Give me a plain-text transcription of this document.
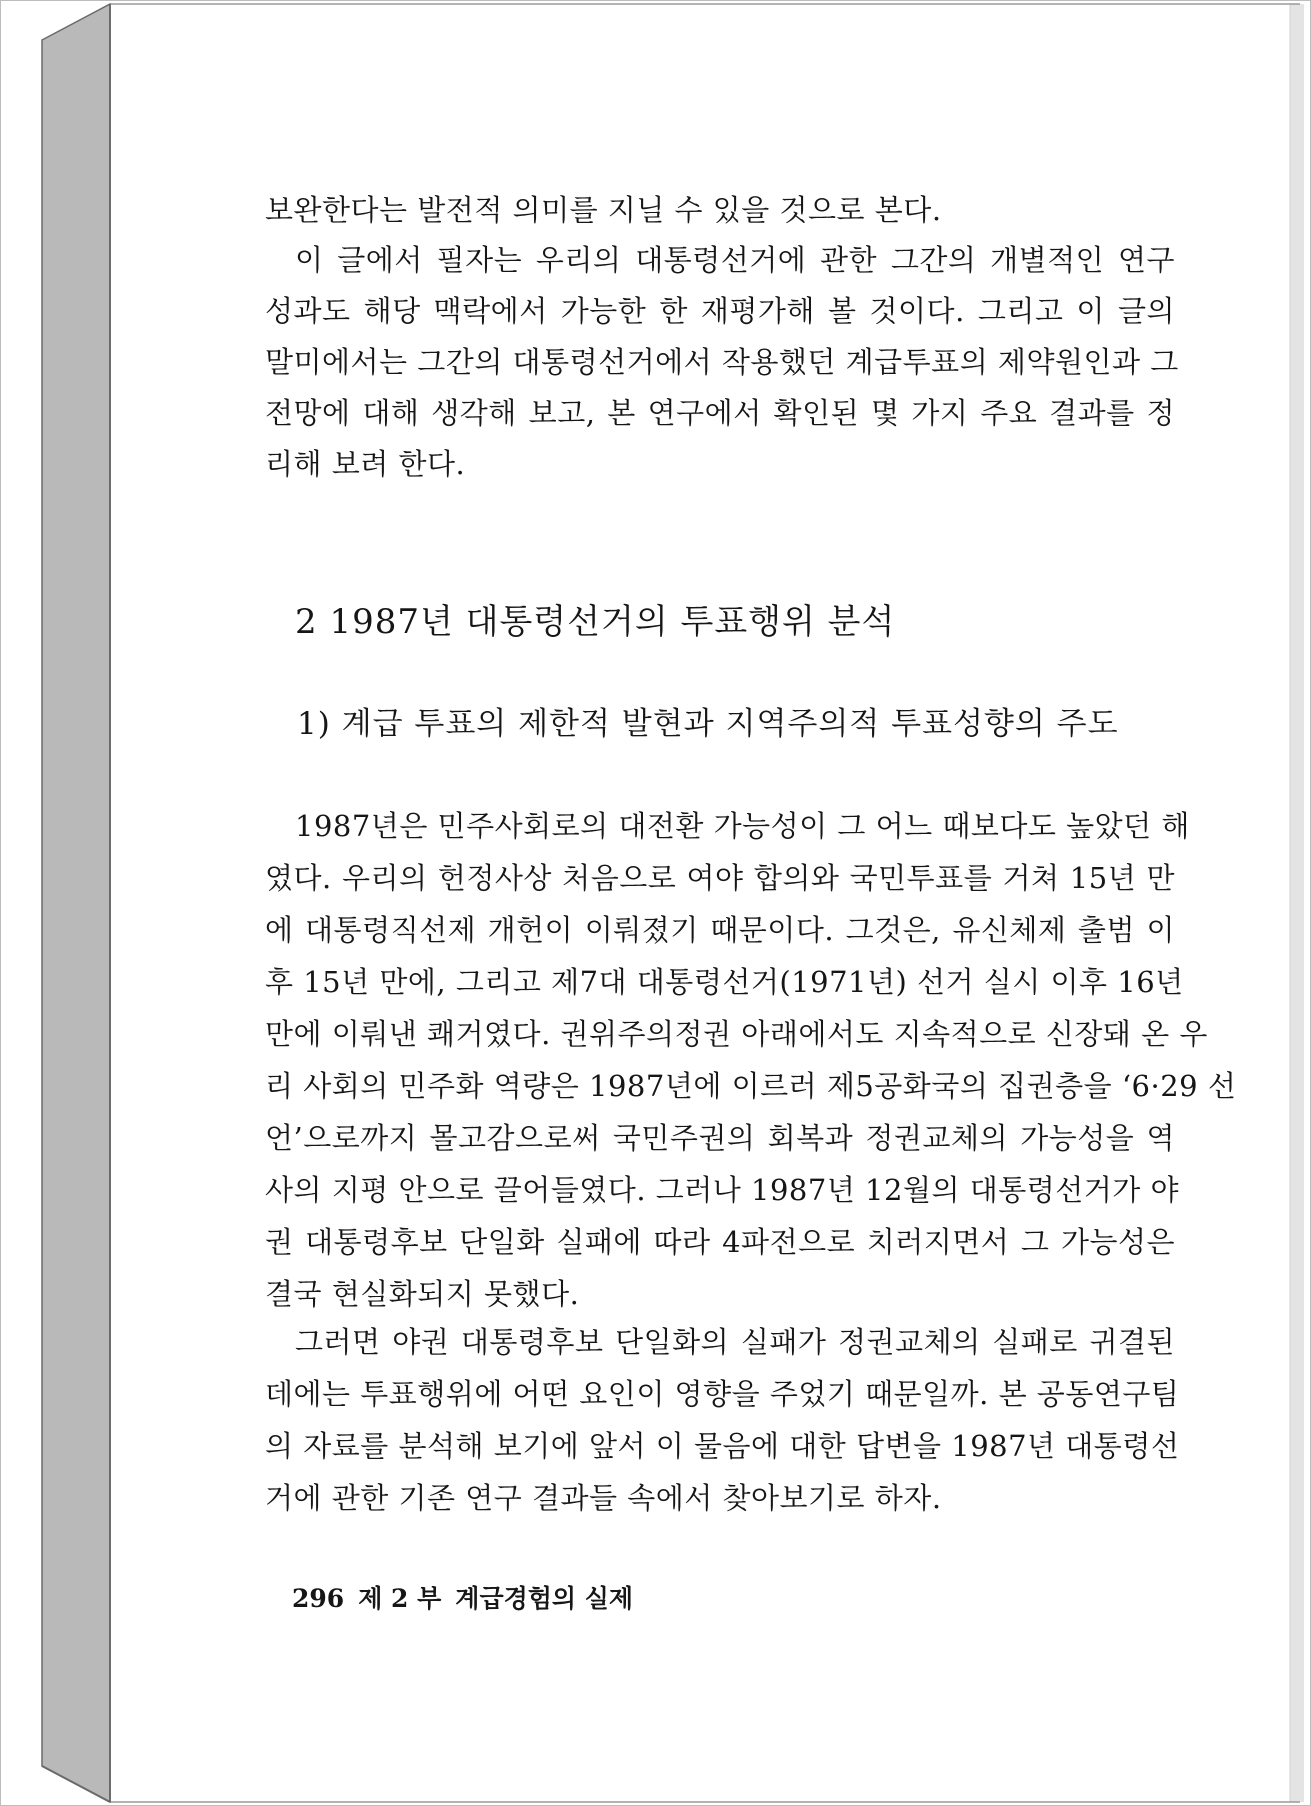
보완한다는 발전적 의미를 지닐 수 있을 것으로 본다.
이 글에서 필자는 우리의 대통령선거에 관한 그간의 개별적인 연구
성과도 해당 맥락에서 가능한 한 재평가해 볼 것이다. 그리고 이 글의
말미에서는 그간의 대통령선거에서 작용했던 계급투표의 제약원인과 그
전망에 대해 생각해 보고, 본 연구에서 확인된 몇 가지 주요 결과를 정
리해 보려 한다.
2 1987년 대통령선거의 투표행위 분석
1) 계급 투표의 제한적 발현과 지역주의적 투표성향의 주도
1987년은 민주사회로의 대전환 가능성이 그 어느 때보다도 높았던 해
였다. 우리의 헌정사상 처음으로 여야 합의와 국민투표를 거쳐 15년 만
에 대통령직선제 개헌이 이뤄졌기 때문이다. 그것은, 유신체제 출범 이
후 15년 만에, 그리고 제7대 대통령선거(1971년) 선거 실시 이후 16년
만에 이뤄낸 쾌거였다. 권위주의정권 아래에서도 지속적으로 신장돼 온 우
리 사회의 민주화 역량은 1987년에 이르러 제5공화국의 집권층을 ‘6·29 선
언’으로까지 몰고감으로써 국민주권의 회복과 정권교체의 가능성을 역
사의 지평 안으로 끌어들였다. 그러나 1987년 12월의 대통령선거가 야
권 대통령후보 단일화 실패에 따라 4파전으로 치러지면서 그 가능성은
결국 현실화되지 못했다.
그러면 야권 대통령후보 단일화의 실패가 정권교체의 실패로 귀결된
데에는 투표행위에 어떤 요인이 영향을 주었기 때문일까. 본 공동연구팀
의 자료를 분석해 보기에 앞서 이 물음에 대한 답변을 1987년 대통령선
거에 관한 기존 연구 결과들 속에서 찾아보기로 하자.
296 제 2 부 계급경험의 실제
